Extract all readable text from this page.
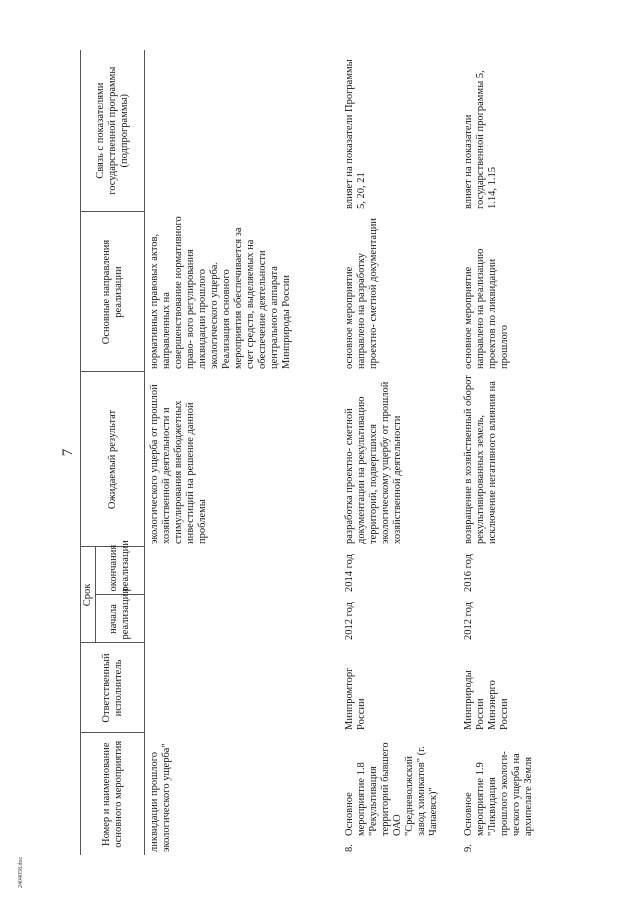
7
Номер и наименование основного мероприятия	Ответственный исполнитель	Срок		Ожидаемый результат	Основные направления реализации	Связь с показателями государственной программы (подпрограммы)
		начала реализации	окончания реализации			

ликвидации прошлого экологического ущерба"				экологического ущерба от прошлой хозяйственной деятельности и стимулирования внебюджетных инвестиций на решение данной проблемы	нормативных правовых актов, направленных на совершенствование нормативного право- вого регулирования ликвидации прошлого экологического ущерба. Реализация основного мероприятия обеспечивается за счет средств, выделяемых на обеспечение деятельности центрального аппарата Минприроды России	
8.Основное мероприятие 1.8 "Рекультивация территорий бывшего ОАО "Средневолжский завод химикатов" (г. Чапаевск)"	Минпромторг России	2012 год	2014 год	разработка проектно- сметной документации на рекультивацию территорий, подвергшихся экологическому ущербу от прошлой хозяйственной деятельности	основное мероприятие направлено на разработку проектно- сметной документации	влияет на показатели Программы 5, 20, 21
9.Основное мероприятие 1.9 "Ликвидация прошлого экологи- ческого ущерба на архипелаге Земля	Минприроды России Минэнерго России	2012 год	2016 год	возвращение в хозяйственный оборот рекультивированных земель, исключение негативного влияния на	основное мероприятие направлено на реализацию проектов по ликвидации прошлого	влияет на показатели государственной программы 5, 1.14, 1.15
2404058.doc
